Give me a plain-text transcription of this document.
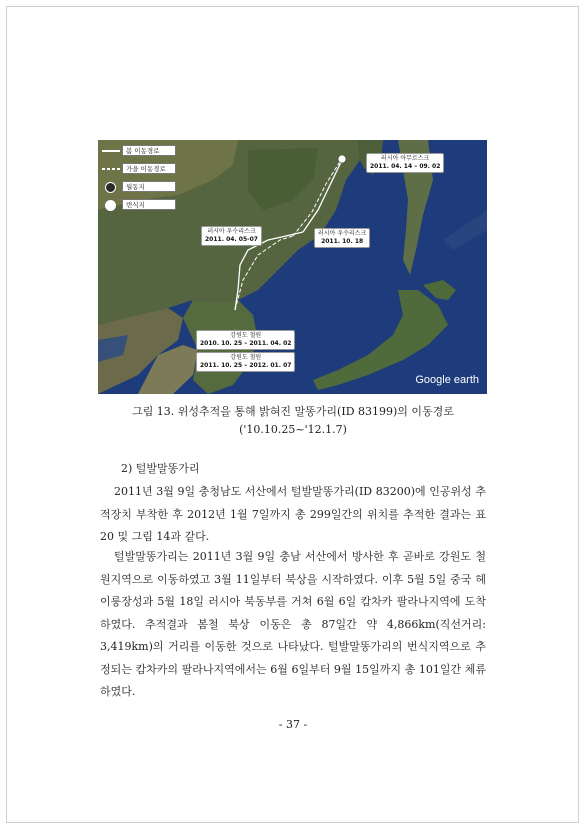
봄 이동경로
가을 이동경로
월동지
번식지
러시아 아무르스크
2011. 04. 14 – 09. 02
러시아 우수리스크
2011. 04. 05-07
러시아 우수리스크
2011. 10. 18
강원도 철원
2010. 10. 25 – 2011. 04. 02
강원도 철원
2011. 10. 25 – 2012. 01. 07
Google earth
그림 13. 위성추적을 통해 밝혀진 말똥가리(ID 83199)의 이동경로
('10.10.25~'12.1.7)
2) 털발말똥가리
2011년 3월 9일 충청남도 서산에서 털발말똥가리(ID 83200)에 인공위성 추적장치 부착한 후 2012년 1월 7일까지 총 299일간의 위치를 추적한 결과는 표 20 및 그림 14과 같다.
털발말똥가리는 2011년 3월 9일 충남 서산에서 방사한 후 곧바로 강원도 철원지역으로 이동하였고 3월 11일부터 북상을 시작하였다. 이후 5월 5일 중국 헤이룽장성과 5월 18일 러시아 북동부를 거쳐 6월 6일 캄차카 팔라나지역에 도착하였다. 추적결과 봄철 북상 이동은 총 87일간 약 4,866km(직선거리: 3,419km)의 거리를 이동한 것으로 나타났다. 털발말똥가리의 번식지역으로 추정되는 캄차카의 팔라나지역에서는 6월 6일부터 9월 15일까지 총 101일간 체류하였다.
- 37 -
